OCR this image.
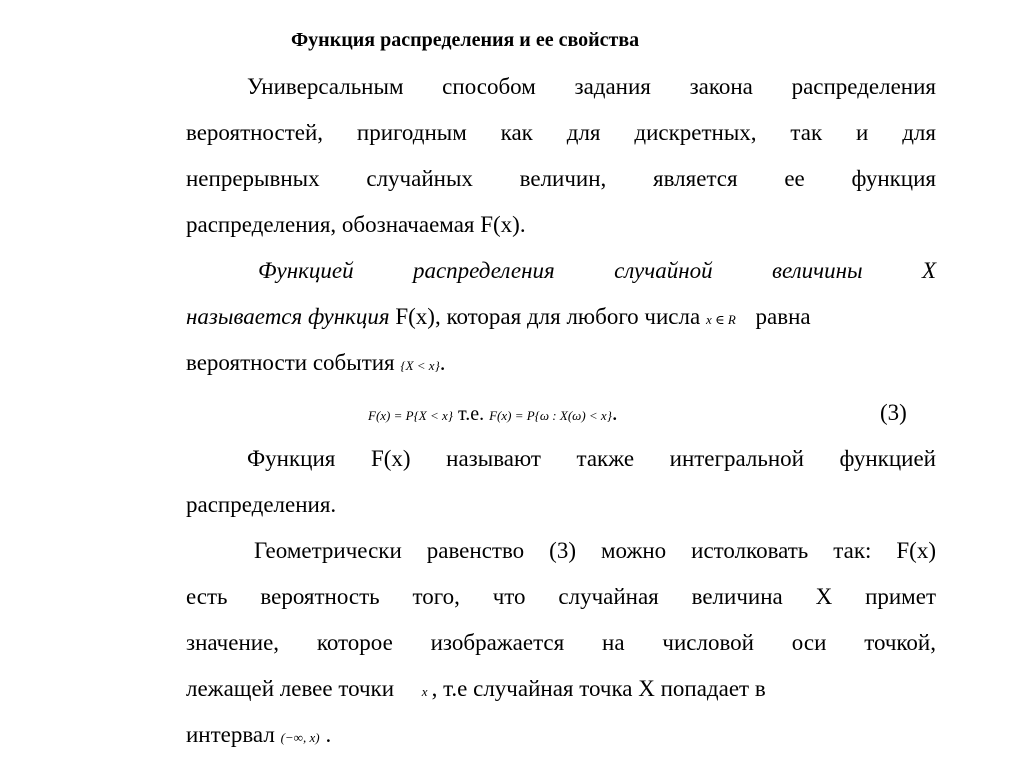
Функция распределения и ее свойства
Универсальным способом задания закона распределения
вероятностей, пригодным как для дискретных, так и для
непрерывных случайных величин, является ее функция
распределения, обозначаемая F(x).
Функцией распределения случайной величины X
называется функция F(x), которая для любого числа x ∈ R равна
вероятности события {X < x}.
F(x) = P{X < x} т.е. F(x) = P{ω : X(ω) < x}.	(3)
Функция F(x) называют также интегральной функцией
распределения.
Геометрически равенство (3) можно истолковать так: F(x)
есть вероятность того, что случайная величина X примет
значение, которое изображается на числовой оси точкой,
лежащей левее точки x , т.е случайная точка X попадает в
интервал (−∞, x) .
